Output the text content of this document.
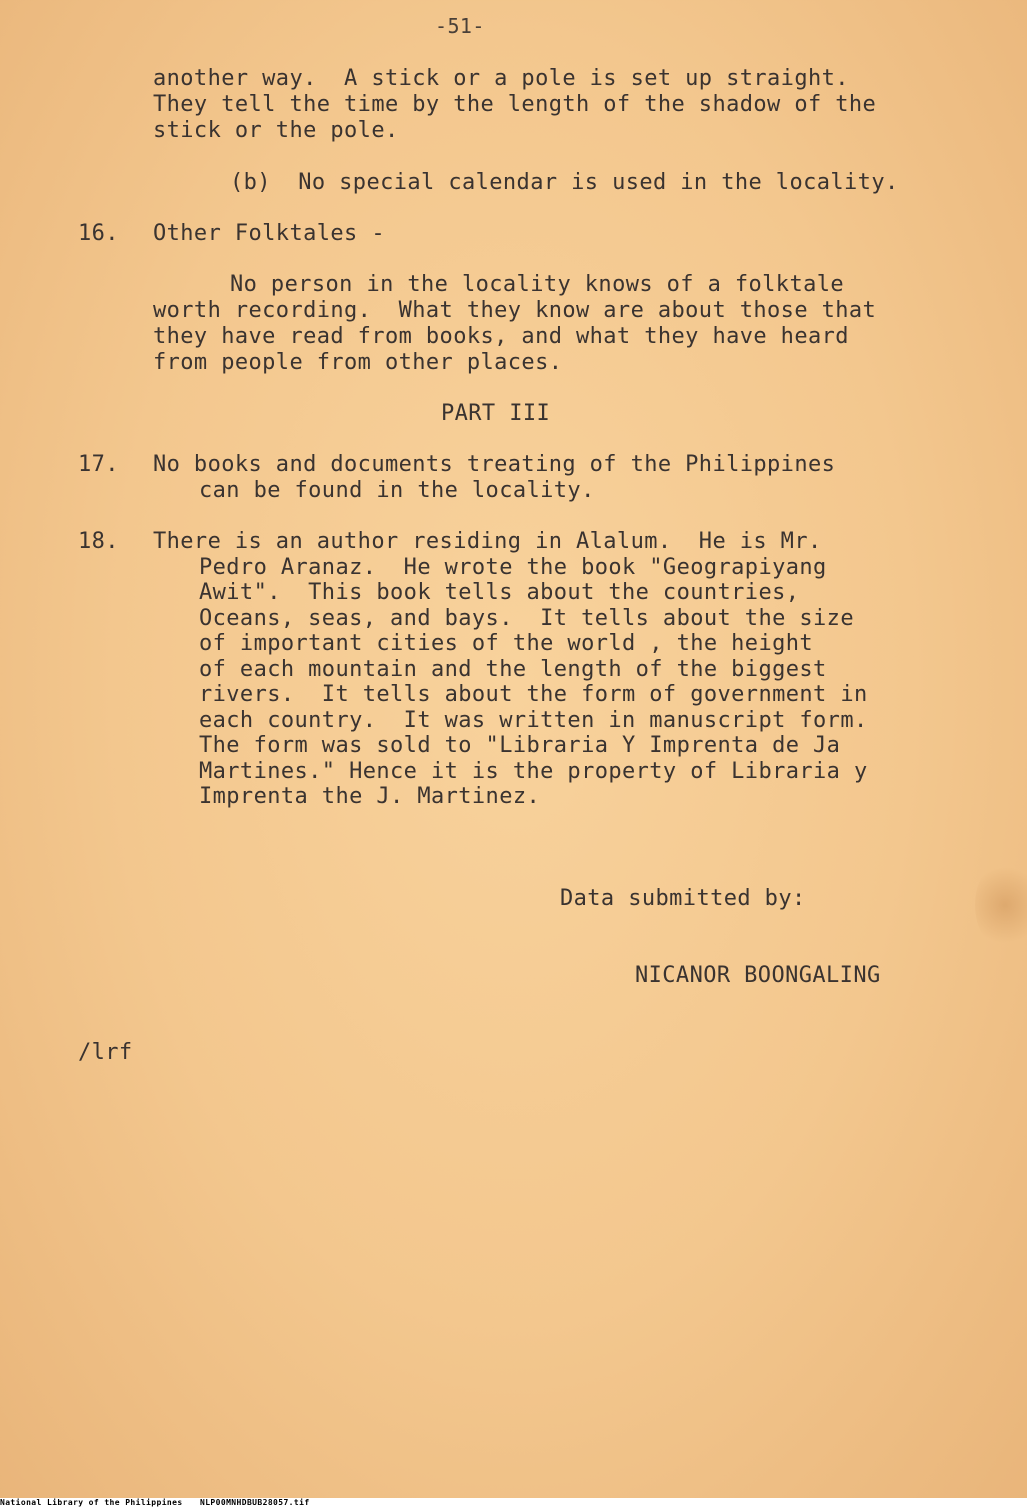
-51-
another way.  A stick or a pole is set up straight.
They tell the time by the length of the shadow of the
stick or the pole.
(b)  No special calendar is used in the locality.
16. Other Folktales -
No person in the locality knows of a folktale
worth recording.  What they know are about those that
they have read from books, and what they have heard
from people from other places.
PART III
17. No books and documents treating of the Philippines
can be found in the locality.
18. There is an author residing in Alalum.  He is Mr.
Pedro Aranaz.  He wrote the book "Geograpiyang
Awit".  This book tells about the countries,
Oceans, seas, and bays.  It tells about the size
of important cities of the world , the height
of each mountain and the length of the biggest
rivers.  It tells about the form of government in
each country.  It was written in manuscript form.
The form was sold to "Libraria Y Imprenta de Ja
Martines." Hence it is the property of Libraria y
Imprenta the J. Martinez.
Data submitted by:
NICANOR BOONGALING
/lrf
National Library of the Philippines NLP00MNHDBUB28057.tif
